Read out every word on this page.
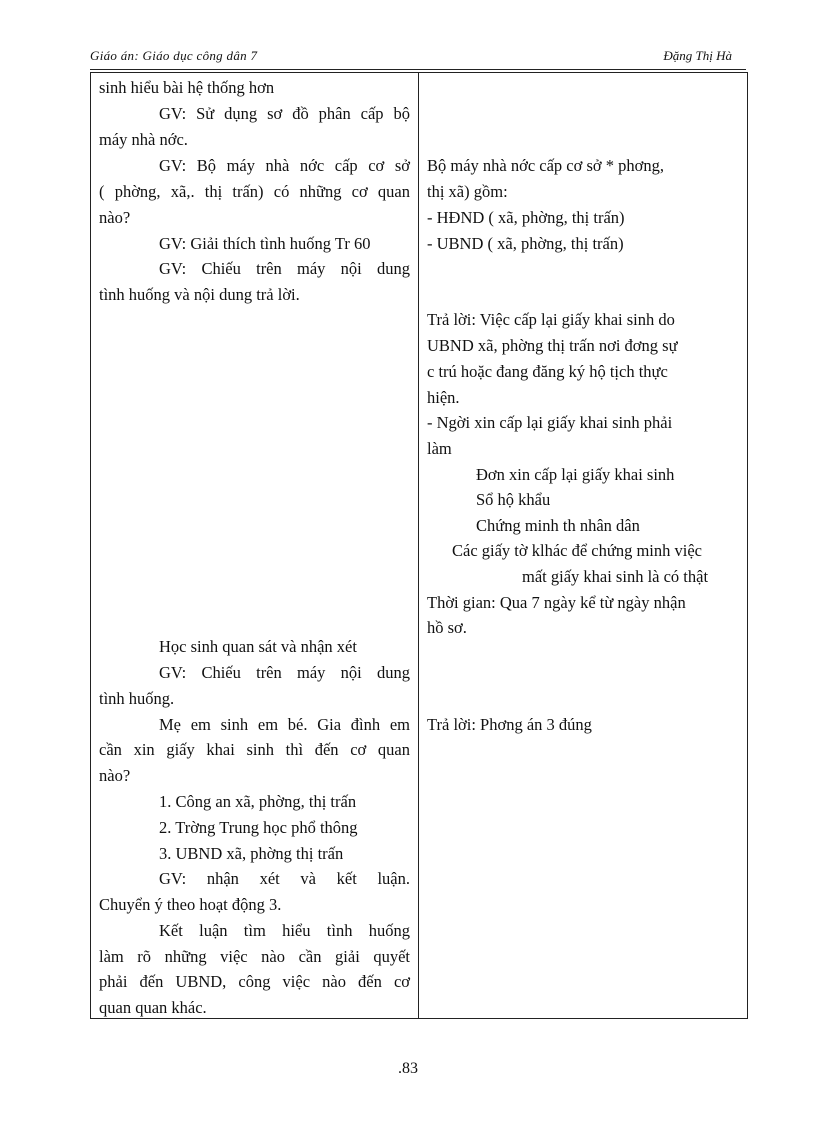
Giáo án: Giáo dục công dân 7	Đặng Thị Hà
sinh hiểu bài hệ thống hơn
GV: Sử dụng sơ đồ phân cấp bộ
máy nhà nớc.
GV: Bộ máy nhà nớc cấp cơ sở
( phờng, xã,. thị trấn) có những cơ quan
nào?
GV: Giải thích tình huống Tr 60
GV: Chiếu trên máy nội dung
tình huống và nội dung trả lời.
Học sinh quan sát và nhận xét
GV: Chiếu trên máy nội dung
tình huống.
Mẹ em sinh em bé. Gia đình em
cần xin giấy khai sinh thì đến cơ quan
nào?
1. Công an xã, phờng, thị trấn
2. Trờng Trung học phổ thông
3. UBND xã, phờng thị trấn
GV: nhận xét và kết luận.
Chuyển ý theo hoạt động 3.
Kết luận tìm hiểu tình huống
làm rõ những việc nào cần giải quyết
phải đến UBND, công việc nào đến cơ
quan quan khác.

Bộ máy nhà nớc cấp cơ sở * phơng,
thị xã) gồm:
- HĐND ( xã, phờng, thị trấn)
- UBND ( xã, phờng, thị trấn)
Trả lời: Việc cấp lại giấy khai sinh do
UBND xã, phờng thị trấn nơi đơng sự
c trú hoặc đang đăng ký hộ tịch thực
hiện.
- Ngời xin cấp lại giấy khai sinh phải
làm
Đơn xin cấp lại giấy khai sinh
Sổ hộ khẩu
Chứng minh th nhân dân
Các giấy tờ klhác để chứng minh việc
mất giấy khai sinh là có thật
Thời gian: Qua 7 ngày kể từ ngày nhận
hồ sơ.
Trả lời: Phơng án 3 đúng
.83
